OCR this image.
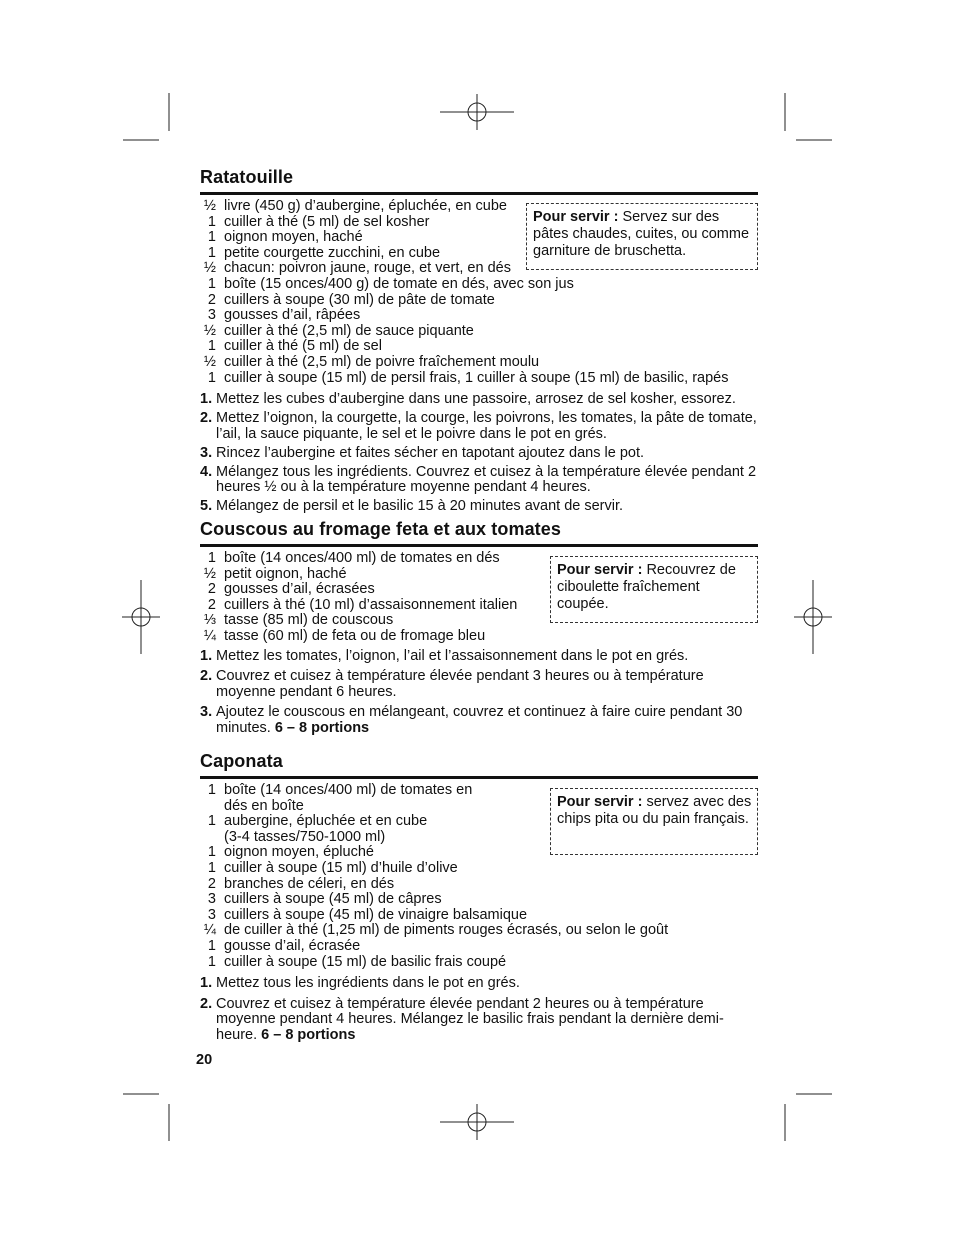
Ratatouille
½ livre (450 g) d’aubergine, épluchée, en cube
1 cuiller à thé (5 ml) de sel kosher
1 oignon moyen, haché
1 petite courgette zucchini, en cube
½ chacun: poivron jaune, rouge, et vert, en dés
1 boîte (15 onces/400 g) de tomate en dés, avec son jus
2 cuillers à soupe (30 ml) de pâte de tomate
3 gousses d’ail, râpées
½ cuiller à thé (2,5 ml) de sauce piquante
1 cuiller à thé (5 ml) de sel
½ cuiller à thé (2,5 ml) de poivre fraîchement moulu
1 cuiller à soupe (15 ml) de persil frais, 1 cuiller à soupe (15 ml) de basilic, rapés
1. Mettez les cubes d’aubergine dans une passoire, arrosez de sel kosher, essorez.
2. Mettez l’oignon, la courgette, la courge, les poivrons, les tomates, la pâte de tomate, l’ail, la sauce piquante, le sel et le poivre dans le pot en grés.
3. Rincez l’aubergine et faites sécher en tapotant ajoutez dans le pot.
4. Mélangez tous les ingrédients. Couvrez et cuisez à la température élevée pendant 2 heures ½ ou à la température moyenne pendant 4 heures.
5. Mélangez de persil et le basilic 15 à 20 minutes avant de servir.
Pour servir : Servez sur des pâtes chaudes, cuites, ou comme garniture de bruschetta.
Couscous au fromage feta et aux tomates
1 boîte (14 onces/400 ml) de tomates en dés
½ petit oignon, haché
2 gousses d’ail, écrasées
2 cuillers à thé (10 ml) d’assaisonnement italien
⅓ tasse (85 ml) de couscous
¼ tasse (60 ml) de feta ou de fromage bleu
1. Mettez les tomates, l’oignon, l’ail et l’assaisonnement dans le pot en grés.
2. Couvrez et cuisez à température élevée pendant 3 heures ou à température moyenne pendant 6 heures.
3. Ajoutez le couscous en mélangeant, couvrez et continuez à faire cuire pendant 30 minutes. 6 – 8 portions
Pour servir : Recouvrez de ciboulette fraîchement coupée.
Caponata
1 boîte (14 onces/400 ml) de tomates en
dés en boîte
1 aubergine, épluchée et en cube
(3-4 tasses/750-1000 ml)
1 oignon moyen, épluché
1 cuiller à soupe (15 ml) d’huile d’olive
2 branches de céleri, en dés
3 cuillers à soupe (45 ml) de câpres
3 cuillers à soupe (45 ml) de vinaigre balsamique
¼ de cuiller à thé (1,25 ml) de piments rouges écrasés, ou selon le goût
1 gousse d’ail, écrasée
1 cuiller à soupe (15 ml) de basilic frais coupé
1. Mettez tous les ingrédients dans le pot en grés.
2. Couvrez et cuisez à température élevée pendant 2 heures ou à température moyenne pendant 4 heures. Mélangez le basilic frais pendant la dernière demi-heure. 6 – 8 portions
Pour servir : servez avec des chips pita ou du pain français.
20
